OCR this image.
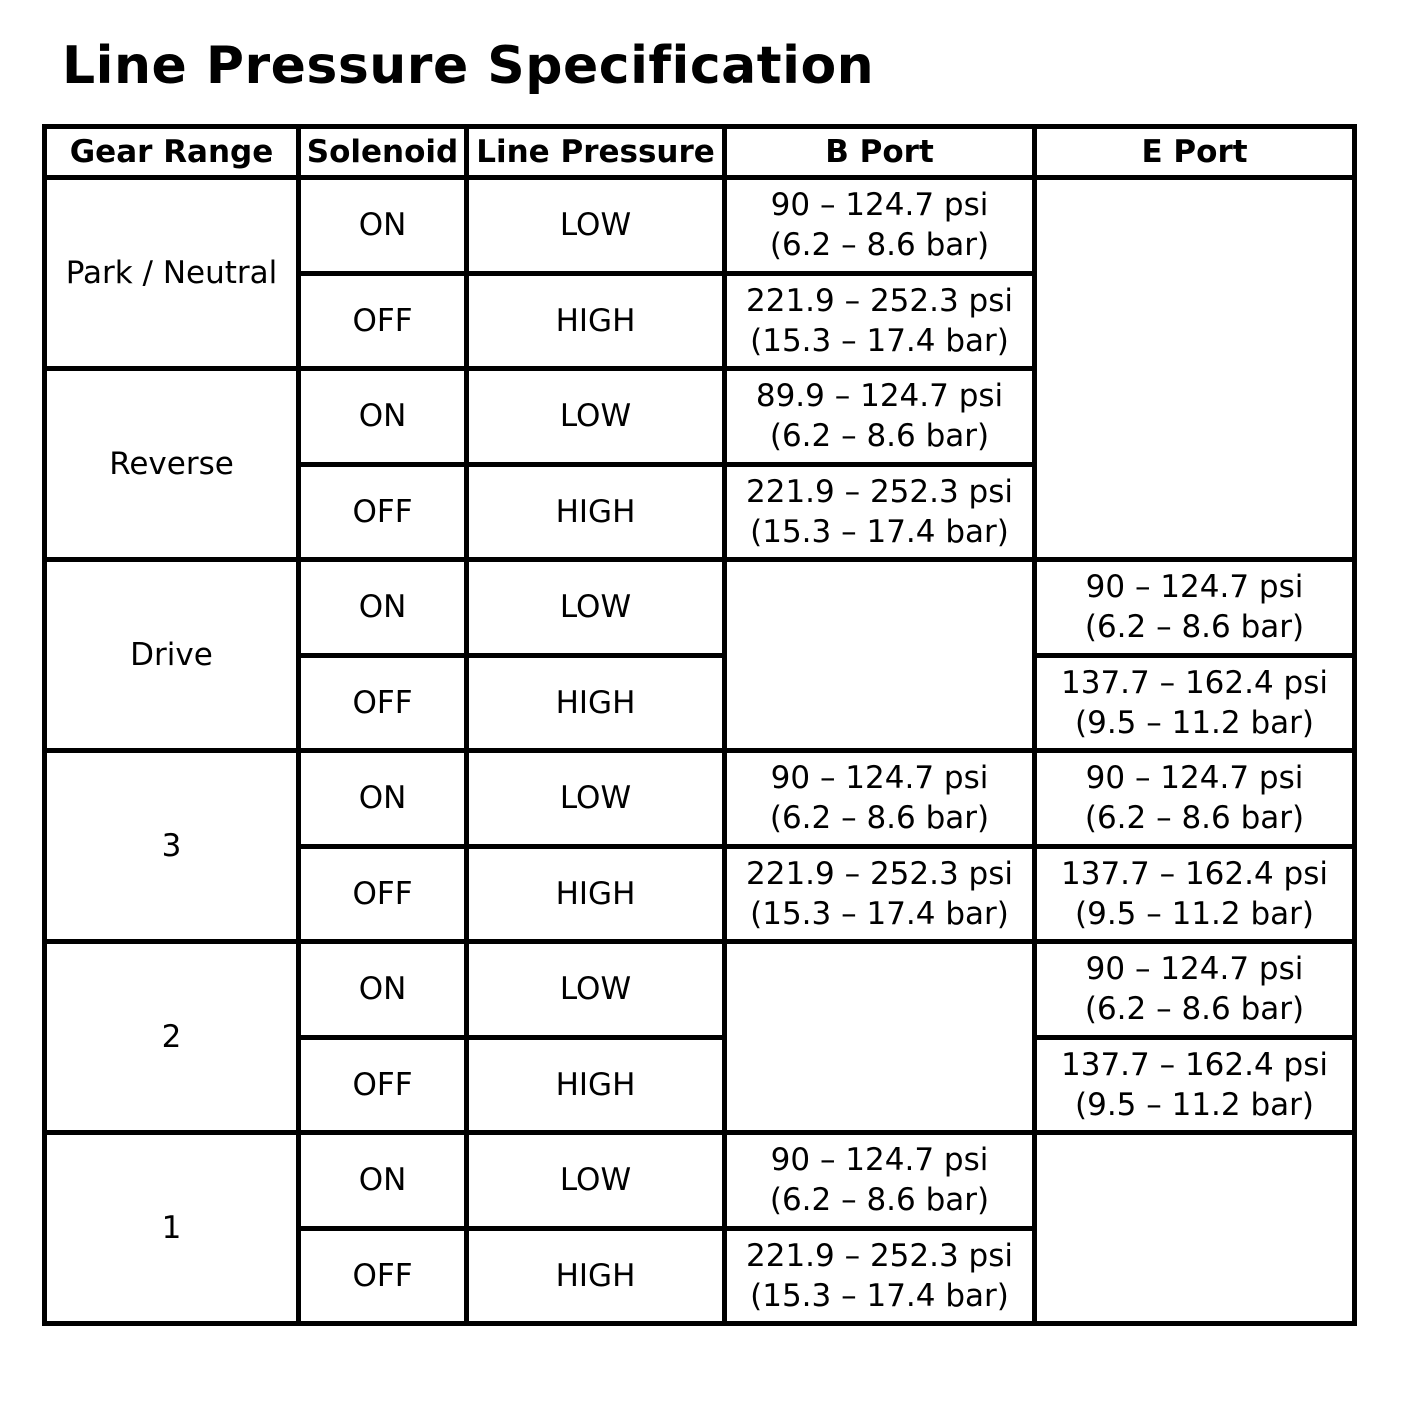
Line Pressure Specification
Gear Range	Solenoid	Line Pressure	B Port	E Port
Park / Neutral	ON	LOW	90 – 124.7 psi
(6.2 – 8.6 bar)	

	OFF	HIGH	221.9 – 252.3 psi
(15.3 – 17.4 bar)	

Reverse	ON	LOW	89.9 – 124.7 psi
(6.2 – 8.6 bar)	

	OFF	HIGH	221.9 – 252.3 psi
(15.3 – 17.4 bar)	

Drive	ON	LOW		90 – 124.7 psi
(6.2 – 8.6 bar)

	OFF	HIGH		137.7 – 162.4 psi
(9.5 – 11.2 bar)

3	ON	LOW	90 – 124.7 psi
(6.2 – 8.6 bar)	90 – 124.7 psi
(6.2 – 8.6 bar)

	OFF	HIGH	221.9 – 252.3 psi
(15.3 – 17.4 bar)	137.7 – 162.4 psi
(9.5 – 11.2 bar)

2	ON	LOW		90 – 124.7 psi
(6.2 – 8.6 bar)

	OFF	HIGH		137.7 – 162.4 psi
(9.5 – 11.2 bar)

1	ON	LOW	90 – 124.7 psi
(6.2 – 8.6 bar)	

	OFF	HIGH	221.9 – 252.3 psi
(15.3 – 17.4 bar)	
